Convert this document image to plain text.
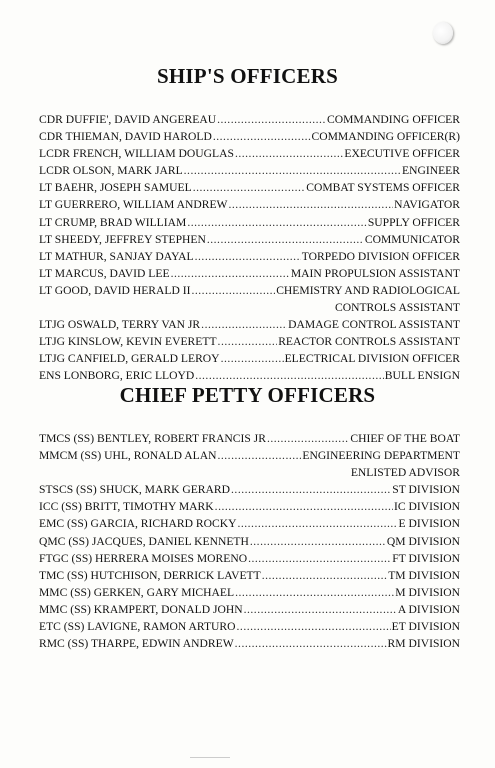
SHIP'S OFFICERS
CDR DUFFIE', DAVID ANGEREAU .....	COMMANDING OFFICER
CDR THIEMAN, DAVID HAROLD .....	COMMANDING OFFICER(R)
LCDR FRENCH, WILLIAM DOUGLAS .....	EXECUTIVE OFFICER
LCDR OLSON, MARK JARL .....	ENGINEER
LT BAEHR, JOSEPH SAMUEL .....	COMBAT SYSTEMS OFFICER
LT GUERRERO, WILLIAM ANDREW .....	NAVIGATOR
LT CRUMP, BRAD WILLIAM .....	SUPPLY OFFICER
LT SHEEDY, JEFFREY STEPHEN .....	COMMUNICATOR
LT MATHUR, SANJAY DAYAL .....	TORPEDO DIVISION OFFICER
LT MARCUS, DAVID LEE .....	MAIN PROPULSION ASSISTANT
LT GOOD, DAVID HERALD II .....	CHEMISTRY AND RADIOLOGICAL
CONTROLS ASSISTANT
LTJG OSWALD, TERRY VAN JR .....	DAMAGE CONTROL ASSISTANT
LTJG KINSLOW, KEVIN EVERETT .....	REACTOR CONTROLS ASSISTANT
LTJG CANFIELD, GERALD LEROY .....	ELECTRICAL DIVISION OFFICER
ENS LONBORG, ERIC LLOYD .....	BULL ENSIGN
CHIEF PETTY OFFICERS
TMCS (SS) BENTLEY, ROBERT FRANCIS JR .....	CHIEF OF THE BOAT
MMCM (SS) UHL, RONALD ALAN .....	ENGINEERING DEPARTMENT
ENLISTED ADVISOR
STSCS (SS) SHUCK, MARK GERARD .....	ST DIVISION
ICC (SS) BRITT, TIMOTHY MARK .....	IC DIVISION
EMC (SS) GARCIA, RICHARD ROCKY .....	E DIVISION
QMC (SS) JACQUES, DANIEL KENNETH .....	QM DIVISION
FTGC (SS) HERRERA MOISES MORENO .....	FT DIVISION
TMC (SS) HUTCHISON, DERRICK LAVETT .....	TM DIVISION
MMC (SS) GERKEN, GARY MICHAEL .....	M DIVISION
MMC (SS) KRAMPERT, DONALD JOHN .....	A DIVISION
ETC (SS) LAVIGNE, RAMON ARTURO .....	ET DIVISION
RMC (SS) THARPE, EDWIN ANDREW .....	RM DIVISION
